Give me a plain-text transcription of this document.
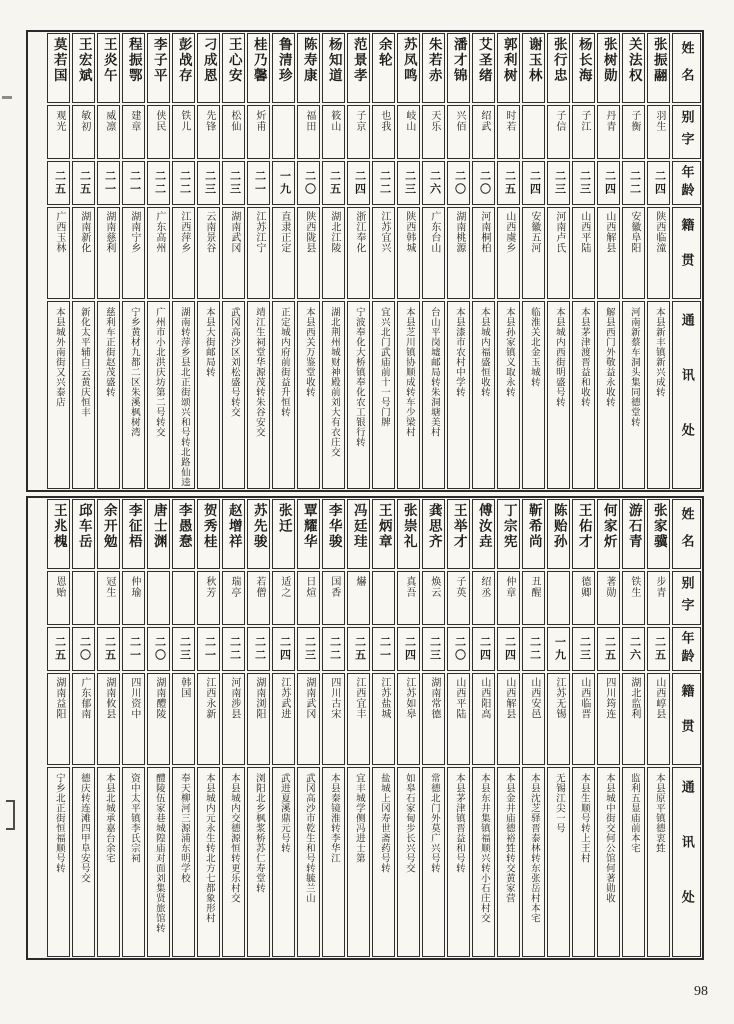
姓名
别字
年龄
籍贯
通讯处
张振翮
羽生
二四
陕西临潼
本县新丰镇新兴成转
关法权
子衡
二二
安徽阜阳
河南新蔡车洞头集同德堂转
张树勋
丹青
二四
山西解县
解县西门外敬益永收转
杨长海
子江
二三
山西平陆
本县茅津渡晋益和收转
张行忠
子信
二三
河南卢氏
本县城内西街明盛号转
谢玉林
二四
安徽五河
临淮关北金玉城转
郭利树
时若
二五
山西虞乡
本县孙家镇义取永转
艾圣绪
绍武
二〇
河南桐柏
本县城内福盛恒收转
潘才锦
兴佰
二〇
湖南桃源
本县漆市农村中学转
朱若赤
天乐
二六
广东台山
台山平岗墟邮局转朱洞塘美村
苏凤鸣
岐山
二三
陕西韩城
本县芝川镇协顺成转车少梁村
余轮
也我
二二
江苏宜兴
宜兴北门武庙前十一号门牌
范景孝
子京
二四
浙江奉化
宁波奉化大桥镇奉化农工银行转
杨知道
筱山
二五
湖北江陵
湖北荆州城财神殿前刘大有衣庄交
陈寿康
福田
二〇
陕西陇县
本县西关万鉴堂收转
鲁清珍
一九
直隶正定
正定城内府前街益升恒转
桂乃馨
炘甫
二一
江苏江宁
靖江生祠堂华源茂转朱谷安交
王心安
松仙
二三
湖南武冈
武冈高沙区刘松盛号转交
刁成恩
先锋
二三
云南景谷
本县大街邮局转
彭战存
铁儿
二二
江西萍乡
湖南转萍乡县北正街颂兴和号转北路仙逵
李子平
侠民
二二
广东高州
广州市小北洪庆坊第二号转交
程振鄂
建章
二一
湖南宁乡
宁乡黄材九都二区朱溪枫树湾
王炎午
威凛
二一
湖南慈利
慈利车正街赵茂盛转
王宏斌
敏初
二五
湖南新化
新化太平辅白云黄庆恒丰
莫若国
观光
二五
广西玉林
本县城外南街又兴泰店
姓名
别字
年龄
籍贯
通讯处
张家骥
步青
二五
山西崞县
本县原平镇德衷甡
游石青
铁生
二六
湖北监利
监利五显庙前本宅
何家炘
著勋
二五
四川筠连
本县城中街交何公馆何著勋收
王佑才
德卿
二三
山西临晋
本县生顺号转上王村
陈贻孙
一九
江苏无锡
无锡江尖一号
靳希尚
丑醒
二二
山西安邑
本县沈芝驿晋泰林转东张岳村本宅
丁宗宪
仲章
二四
山西解县
本县金井庙德裕甡转交黄家营
傅汝垚
绍丞
二四
山西阳高
本县东井集镇福顺兴转小石庄村交
王举才
子英
二〇
山西平陆
本县茅津镇晋益和号转
龚思齐
焕云
二三
湖南常德
常德北门外莫广兴号转
张崇礼
真吾
二四
江苏如皋
如皋石家甸步长兴号交
王炳章
二一
江苏盐城
盐城上冈寿世斋药号转
冯廷珪
爀
二五
江西宜丰
宜丰城学侧冯进士第
李华骏
国香
二二
四川古宋
本县秦镜淮转李华江
覃耀华
日煊
二三
湖南武冈
武冈高沙市乾生和号转毓兰山
张迁
适之
二四
江苏武进
武进夏溪鼎元号转
苏先骏
若僧
二二
湖南浏阳
浏阳北乡枫浆桥苏仁寿堂转
赵增祥
瑞亭
二二
河南涉县
本县城内交德源恒转更乐村交
贺秀桂
秋芳
二一
江西永新
本县城内元永生转北方七都象形村
李愚惷
二三
韩国
奉天柳河三源浦东明学校
唐士渊
二〇
湖南醴陵
醴陵伍家巷城隍庙对面刘集贤旅馆转
李征梧
仲瑜
二一
四川资中
资中太平镇李氏宗祠
余开勉
冠生
二五
湖南攸县
本县北城承嘉台余宅
邱车岳
二〇
广东郁南
德庆转连滩四甲阜安号交
王兆槐
恩贻
二五
湖南益阳
宁乡北正街恒福顺号转
98
